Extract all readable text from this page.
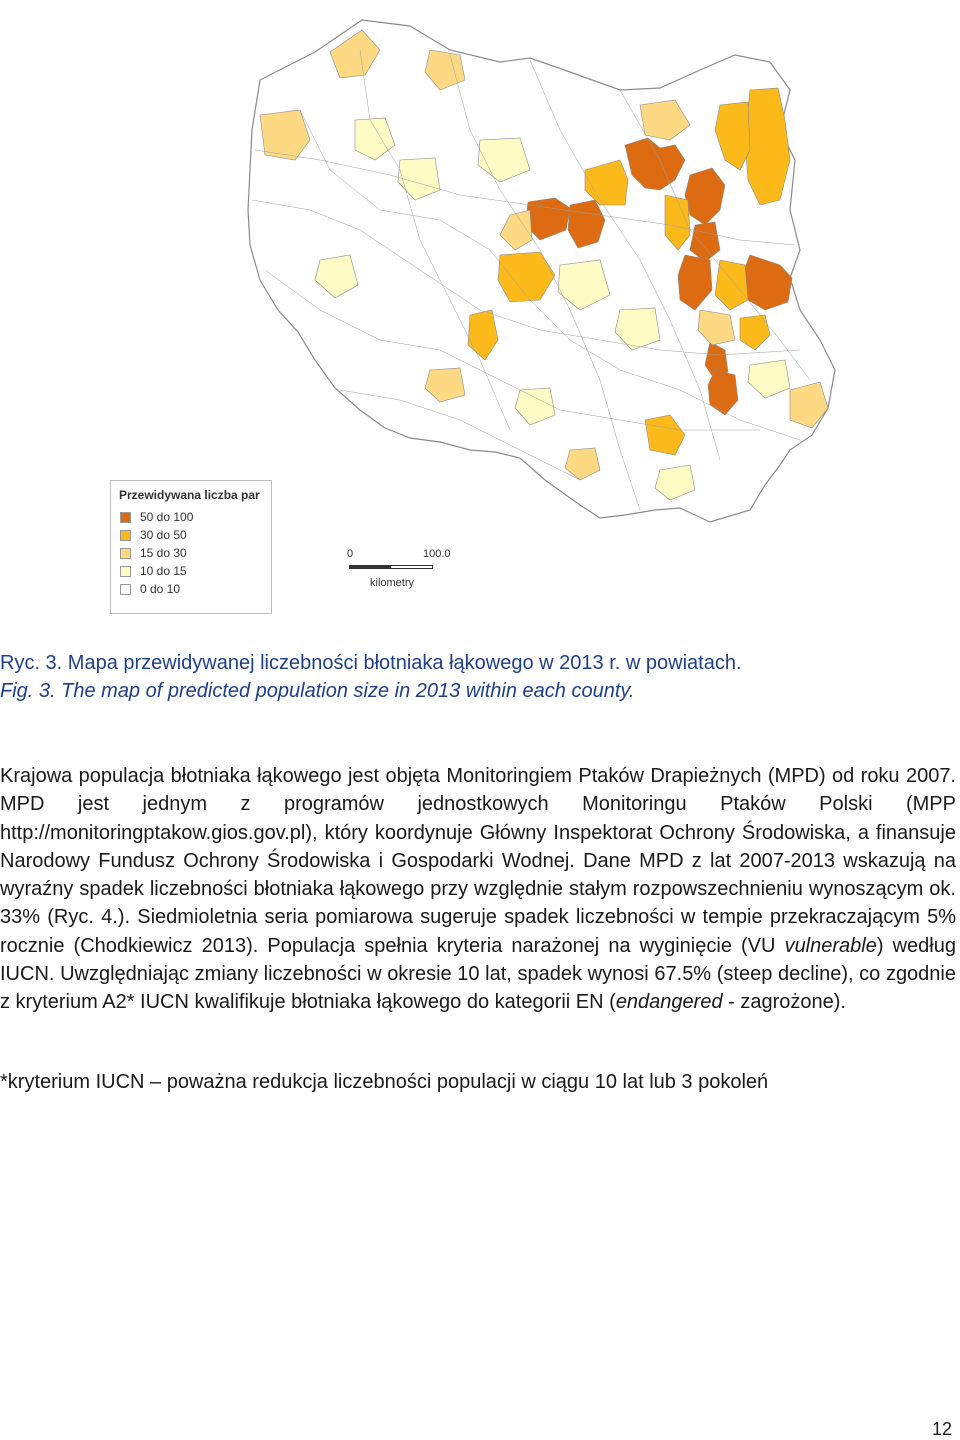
Przewidywana liczba par
50 do 100
30 do 50
15 do 30
10 do 15
0 do 10
0	100.0
kilometry
Ryc. 3. Mapa przewidywanej liczebności błotniaka łąkowego w 2013 r. w powiatach.
Fig. 3. The map of predicted population size in 2013 within each county.

Krajowa populacja błotniaka łąkowego jest objęta Monitoringiem Ptaków Drapieżnych (MPD) od roku 2007. MPD jest jednym z programów jednostkowych Monitoringu Ptaków Polski (MPP http://monitoringptakow.gios.gov.pl), który koordynuje Główny Inspektorat Ochrony Środowiska, a finansuje Narodowy Fundusz Ochrony Środowiska i Gospodarki Wodnej. Dane MPD z lat 2007-2013 wskazują na wyraźny spadek liczebności błotniaka łąkowego przy względnie stałym rozpowszechnieniu wynoszącym ok. 33% (Ryc. 4.). Siedmioletnia seria pomiarowa sugeruje spadek liczebności w tempie przekraczającym 5% rocznie (Chodkiewicz 2013). Populacja spełnia kryteria narażonej na wyginięcie (VU vulnerable) według IUCN. Uwzględniając zmiany liczebności w okresie 10 lat, spadek wynosi 67.5% (steep decline), co zgodnie z kryterium A2* IUCN kwalifikuje błotniaka łąkowego do kategorii EN (endangered - zagrożone).

*kryterium IUCN – poważna redukcja liczebności populacji w ciągu 10 lat lub 3 pokoleń
12
